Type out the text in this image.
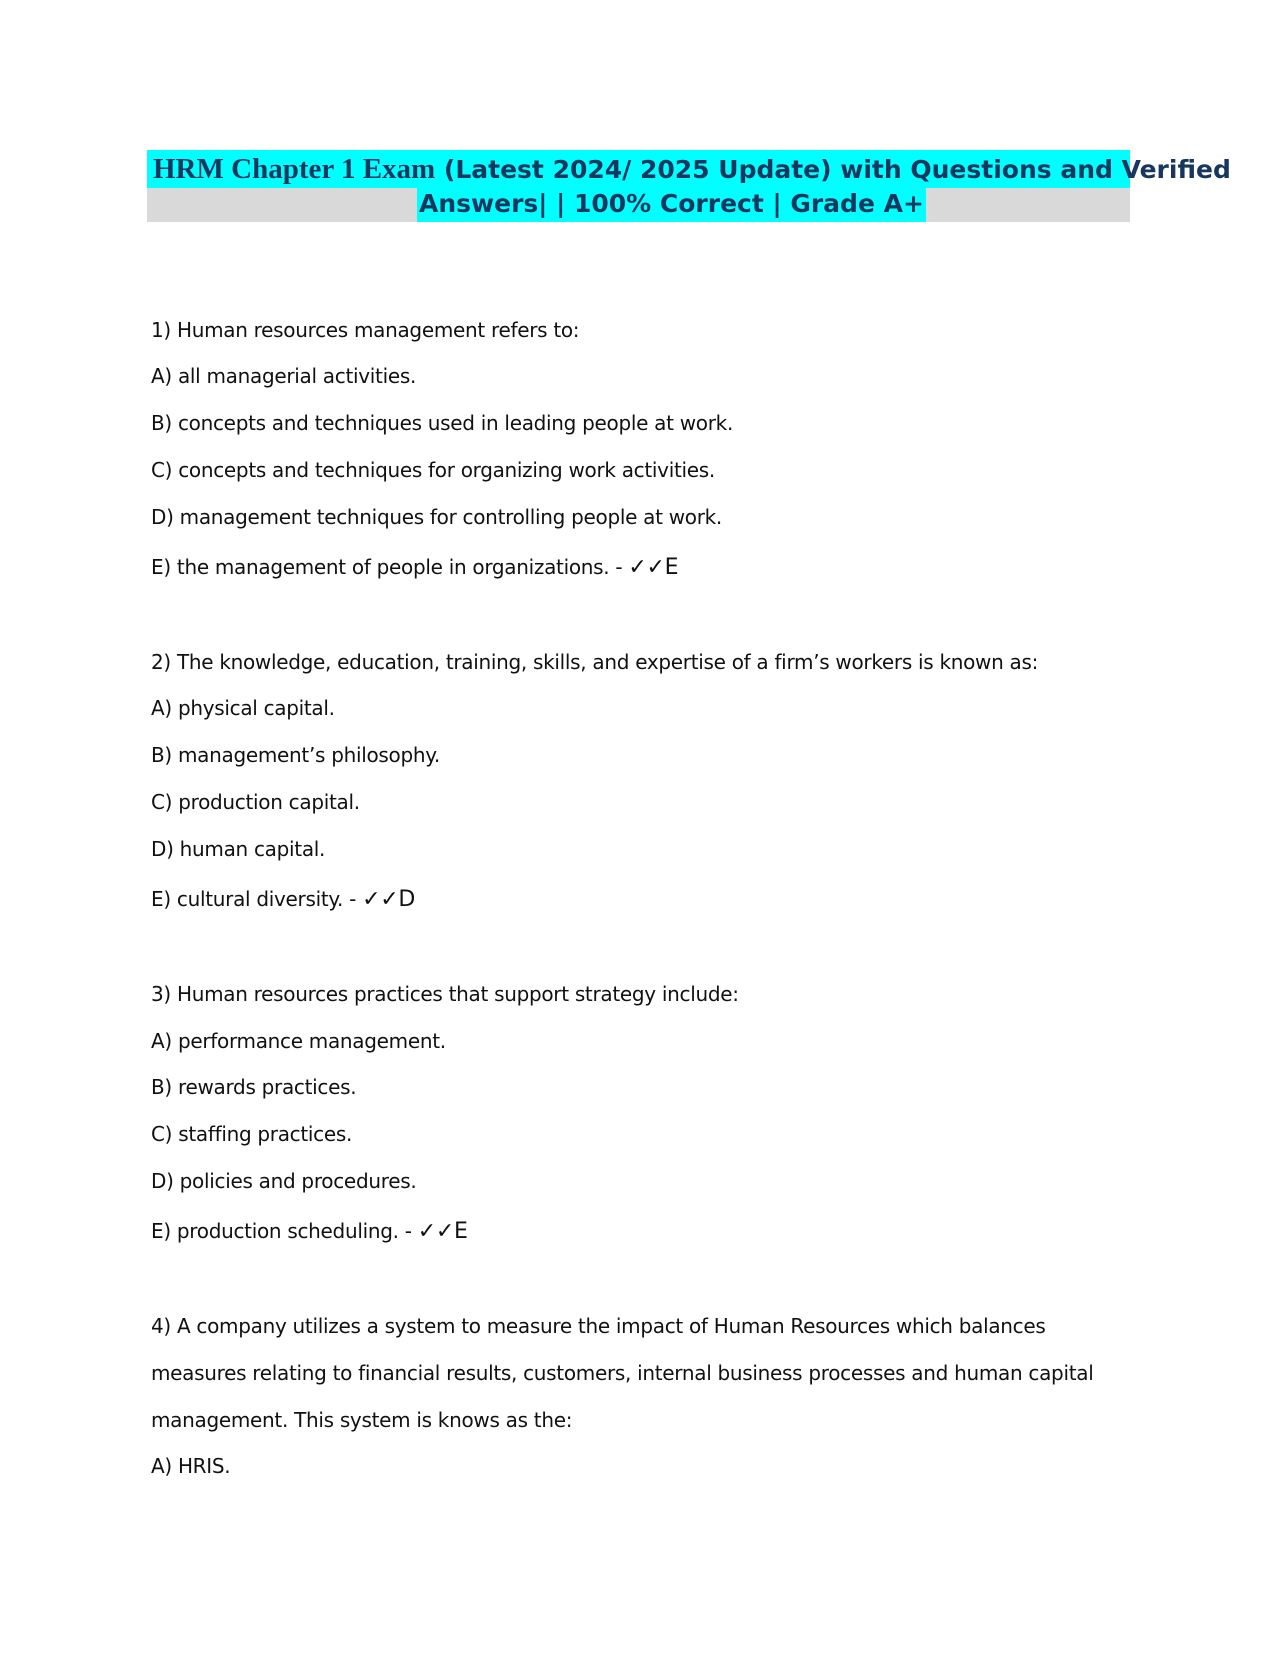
HRM Chapter 1 Exam (Latest 2024/ 2025 Update) with Questions and Verified
Answers| | 100% Correct | Grade A+
1) Human resources management refers to:
A) all managerial activities.
B) concepts and techniques used in leading people at work.
C) concepts and techniques for organizing work activities.
D) management techniques for controlling people at work.
E) the management of people in organizations. - ✓✓E
2) The knowledge, education, training, skills, and expertise of a firm’s workers is known as:
A) physical capital.
B) management’s philosophy.
C) production capital.
D) human capital.
E) cultural diversity. - ✓✓D
3) Human resources practices that support strategy include:
A) performance management.
B) rewards practices.
C) staffing practices.
D) policies and procedures.
E) production scheduling. - ✓✓E
4) A company utilizes a system to measure the impact of Human Resources which balances
measures relating to financial results, customers, internal business processes and human capital
management. This system is knows as the:
A) HRIS.
